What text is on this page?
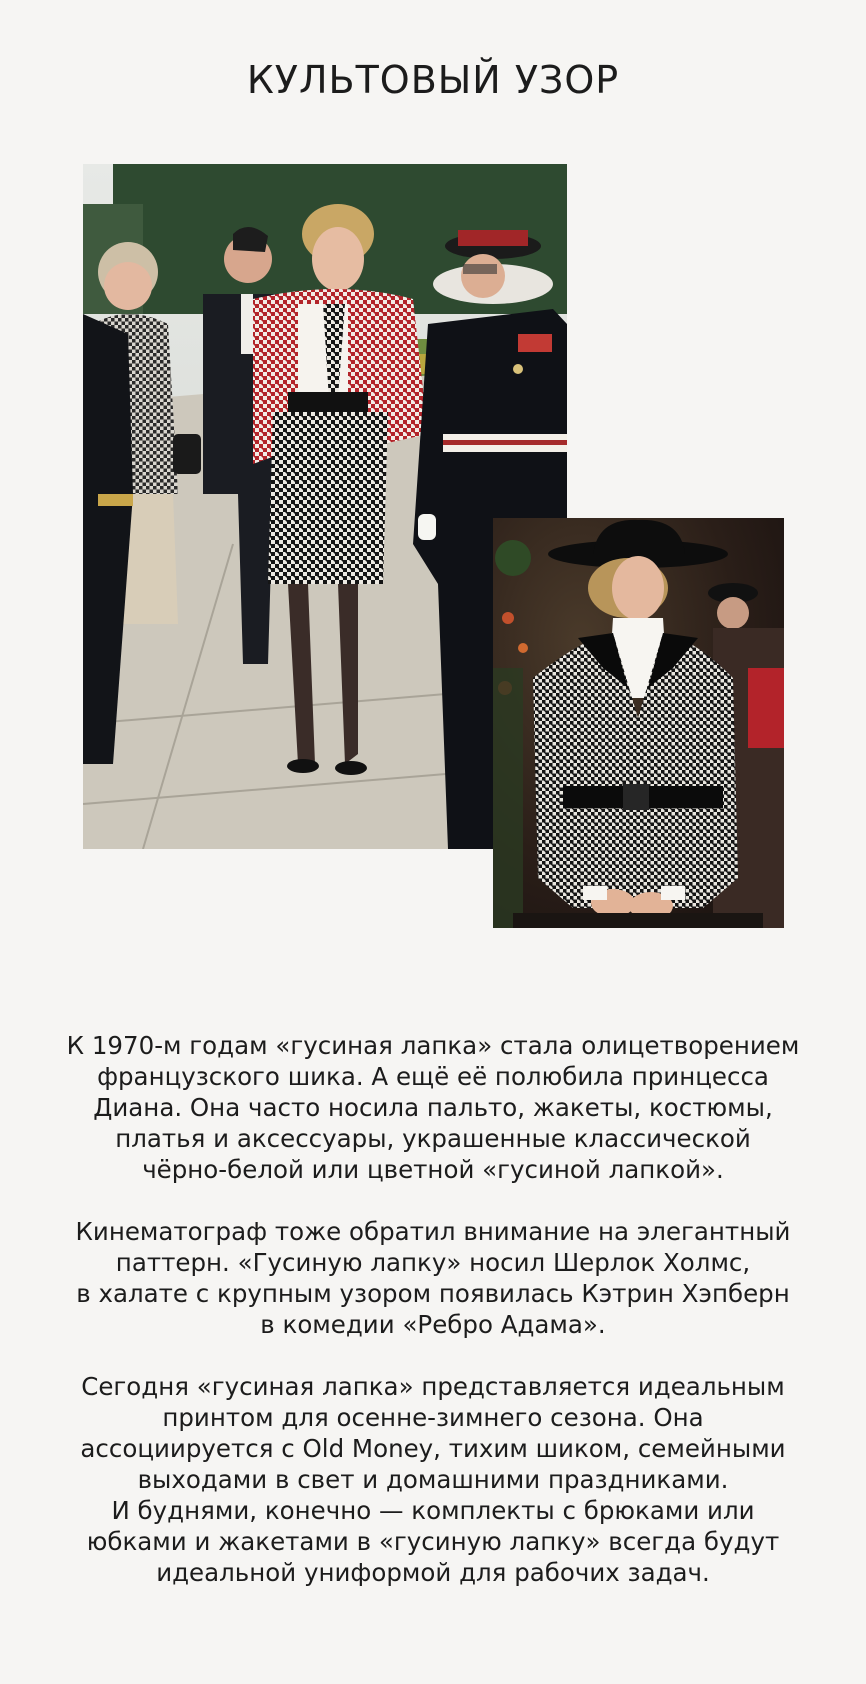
КУЛЬТОВЫЙ УЗОР

К 1970-м годам «гусиная лапка» стала олицетворением
французского шика. А ещё её полюбила принцесса
Диана. Она часто носила пальто, жакеты, костюмы,
платья и аксессуары, украшенные классической
чёрно-белой или цветной «гусиной лапкой».

Кинематограф тоже обратил внимание на элегантный
паттерн. «Гусиную лапку» носил Шерлок Холмс,
в халате с крупным узором появилась Кэтрин Хэпберн
в комедии «Ребро Адама».

Сегодня «гусиная лапка» представляется идеальным
принтом для осенне-зимнего сезона. Она
ассоциируется с Old Money, тихим шиком, семейными
выходами в свет и домашними праздниками.
И буднями, конечно — комплекты с брюками или
юбками и жакетами в «гусиную лапку» всегда будут
идеальной униформой для рабочих задач.
